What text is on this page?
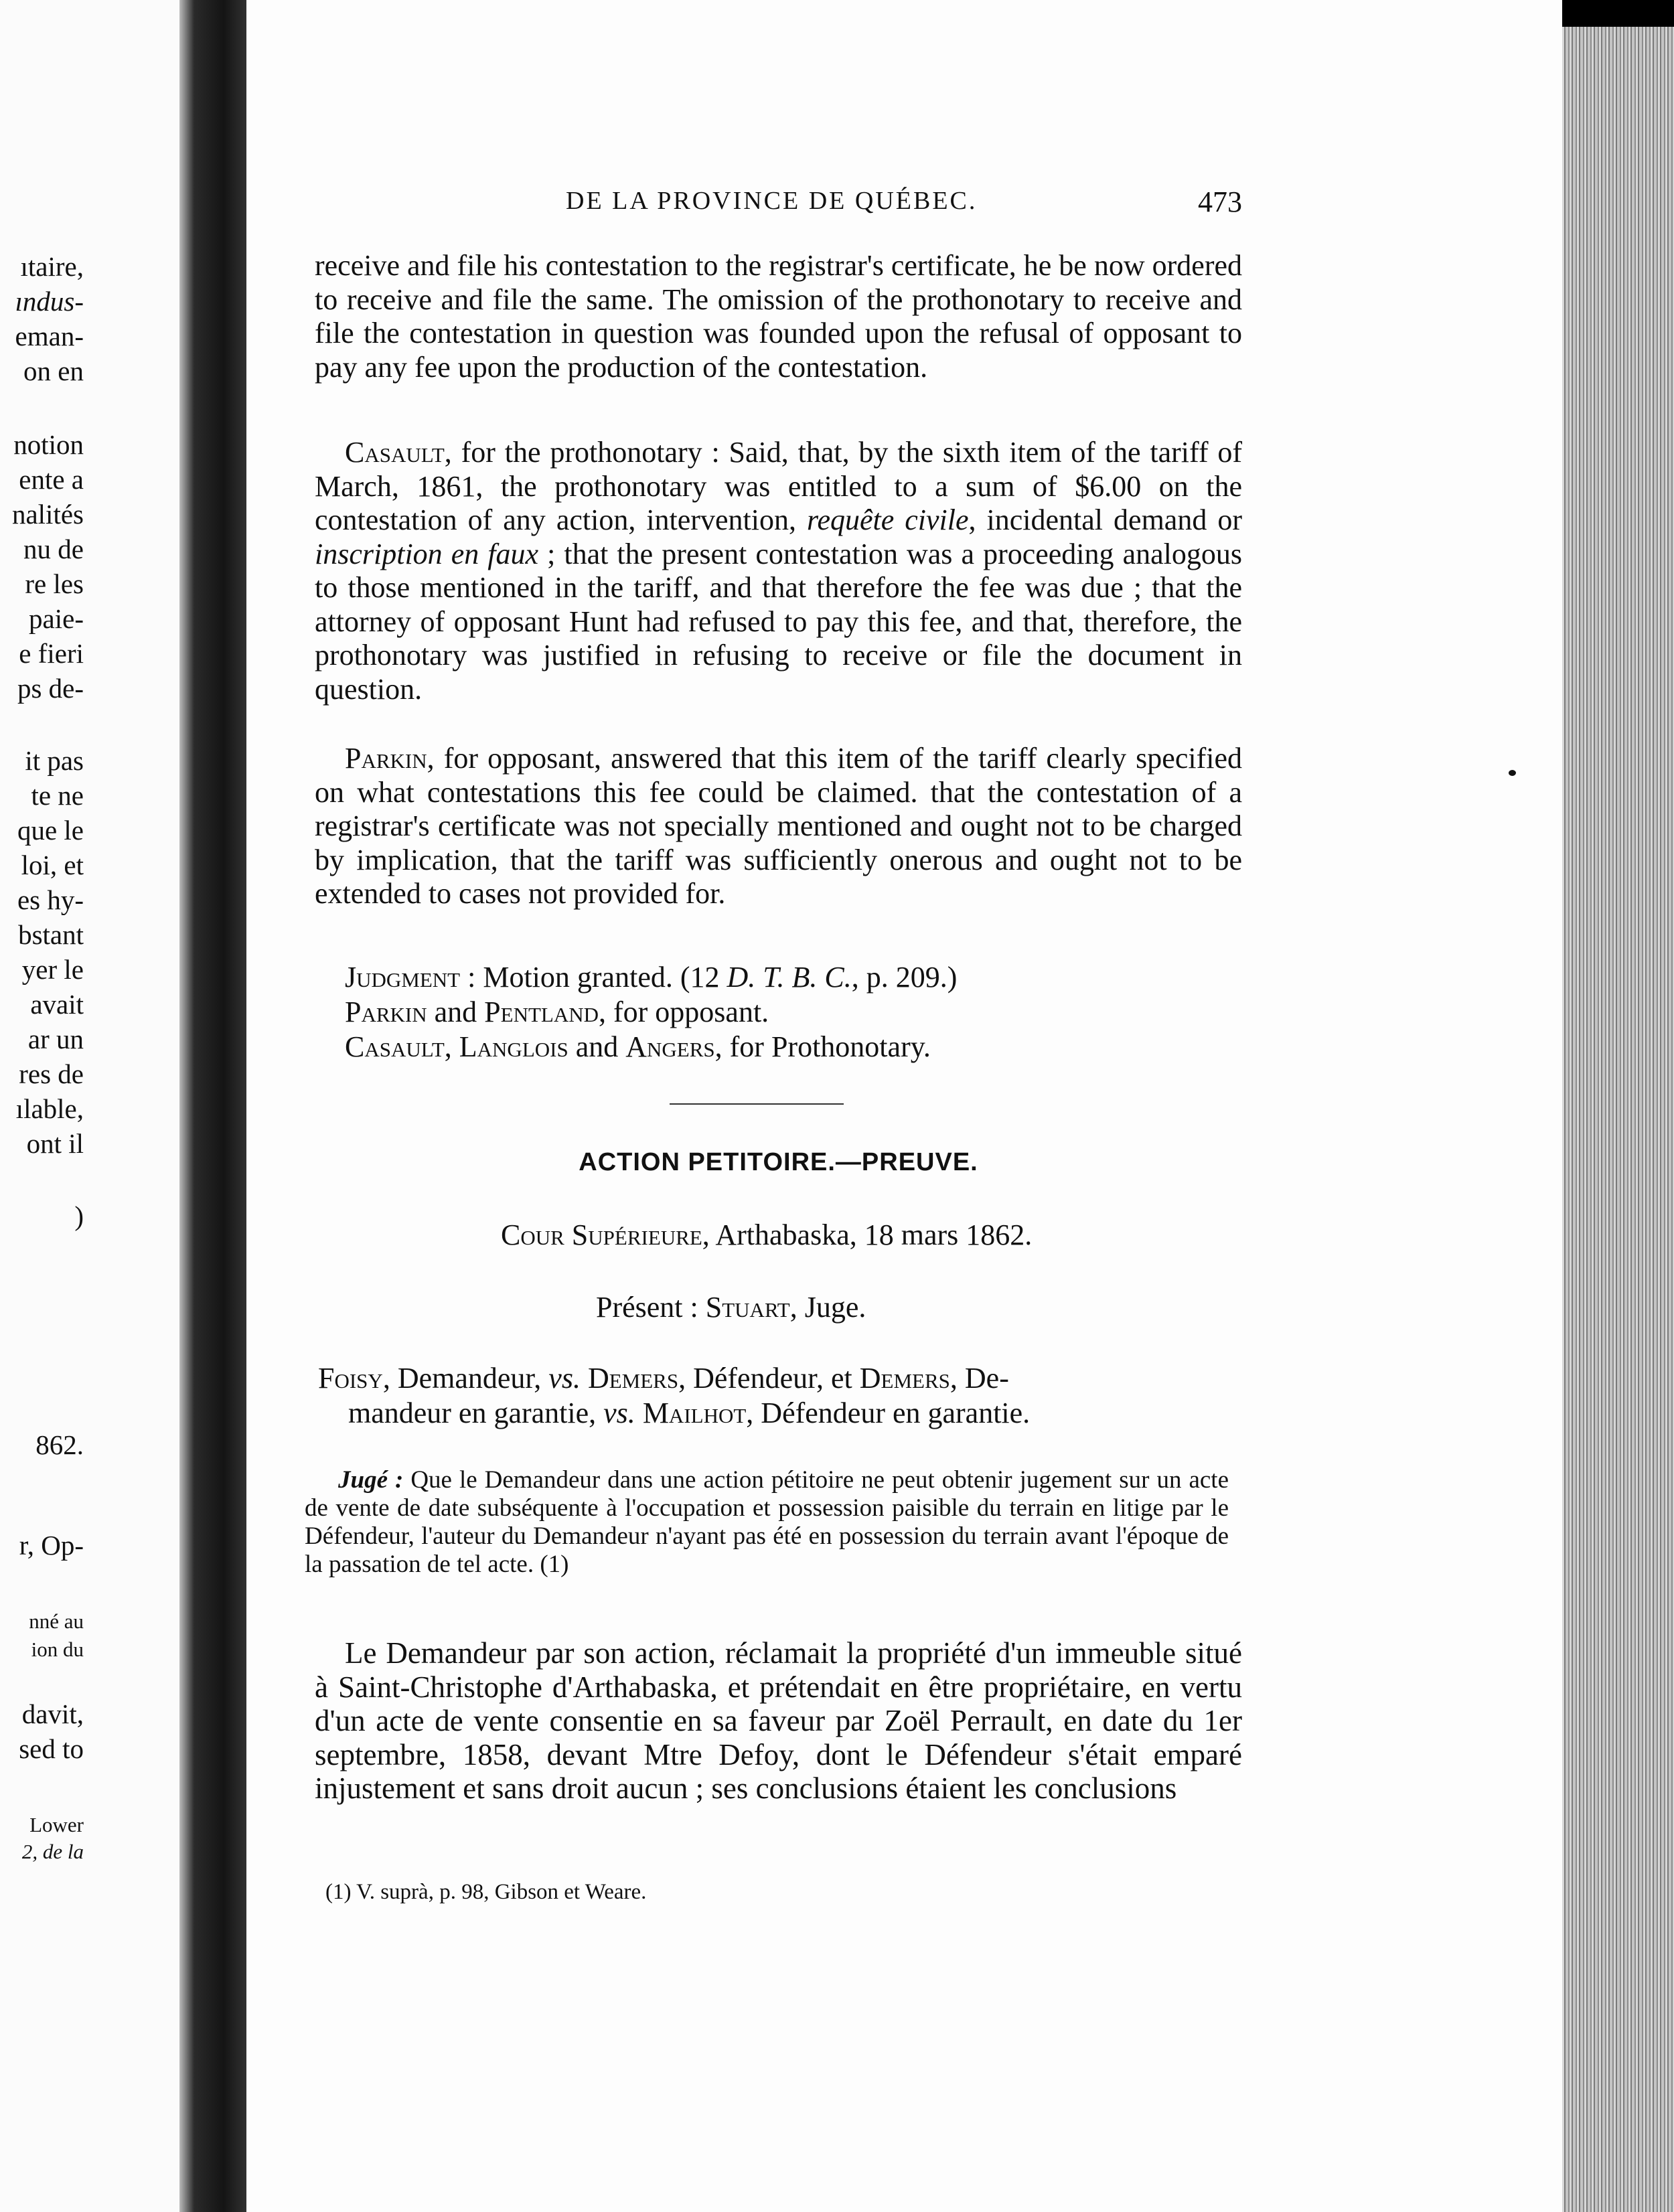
ıtaire,
ındus-
eman-
on en
notion
ente a
nalités
nu de
re les
paie-
e fieri
ps de-
it pas
te ne
que le
loi, et
es hy-
bstant
yer le
avait
ar un
res de
ılable,
ont il
)
862.
r, Op-
nné au
ion du
davit,
sed to
Lower
2, de la
DE LA PROVINCE DE QUÉBEC.	473
receive and file his contestation to the registrar's certificate, he be now ordered to receive and file the same. The omission of the prothonotary to receive and file the contestation in question was founded upon the refusal of opposant to pay any fee upon the production of the contestation.
Casault, for the prothonotary : Said, that, by the sixth item of the tariff of March, 1861, the prothonotary was entitled to a sum of $6.00 on the contestation of any action, intervention, requête civile, incidental demand or inscription en faux ; that the present contestation was a proceeding analogous to those mentioned in the tariff, and that therefore the fee was due ; that the attorney of opposant Hunt had refused to pay this fee, and that, therefore, the prothonotary was justified in refusing to receive or file the document in question.
Parkin, for opposant, answered that this item of the tariff clearly specified on what contestations this fee could be claimed. that the contestation of a registrar's certificate was not specially mentioned and ought not to be charged by implication, that the tariff was sufficiently onerous and ought not to be extended to cases not provided for.
Judgment : Motion granted. (12 D. T. B. C., p. 209.)
Parkin and Pentland, for opposant.
Casault, Langlois and Angers, for Prothonotary.
ACTION PETITOIRE.—PREUVE.
Cour Supérieure, Arthabaska, 18 mars 1862.
Présent : Stuart, Juge.
Foisy, Demandeur, vs. Demers, Défendeur, et Demers, De-
mandeur en garantie, vs. Mailhot, Défendeur en garantie.
Jugé : Que le Demandeur dans une action pétitoire ne peut obtenir jugement sur un acte de vente de date subséquente à l'occupation et possession paisible du terrain en litige par le Défendeur, l'auteur du Demandeur n'ayant pas été en possession du terrain avant l'époque de la passation de tel acte. (1)
Le Demandeur par son action, réclamait la propriété d'un immeuble situé à Saint-Christophe d'Arthabaska, et prétendait en être propriétaire, en vertu d'un acte de vente consentie en sa faveur par Zoël Perrault, en date du 1er septembre, 1858, devant Mtre Defoy, dont le Défendeur s'était emparé injustement et sans droit aucun ; ses conclusions étaient les conclusions
(1) V. suprà, p. 98, Gibson et Weare.
